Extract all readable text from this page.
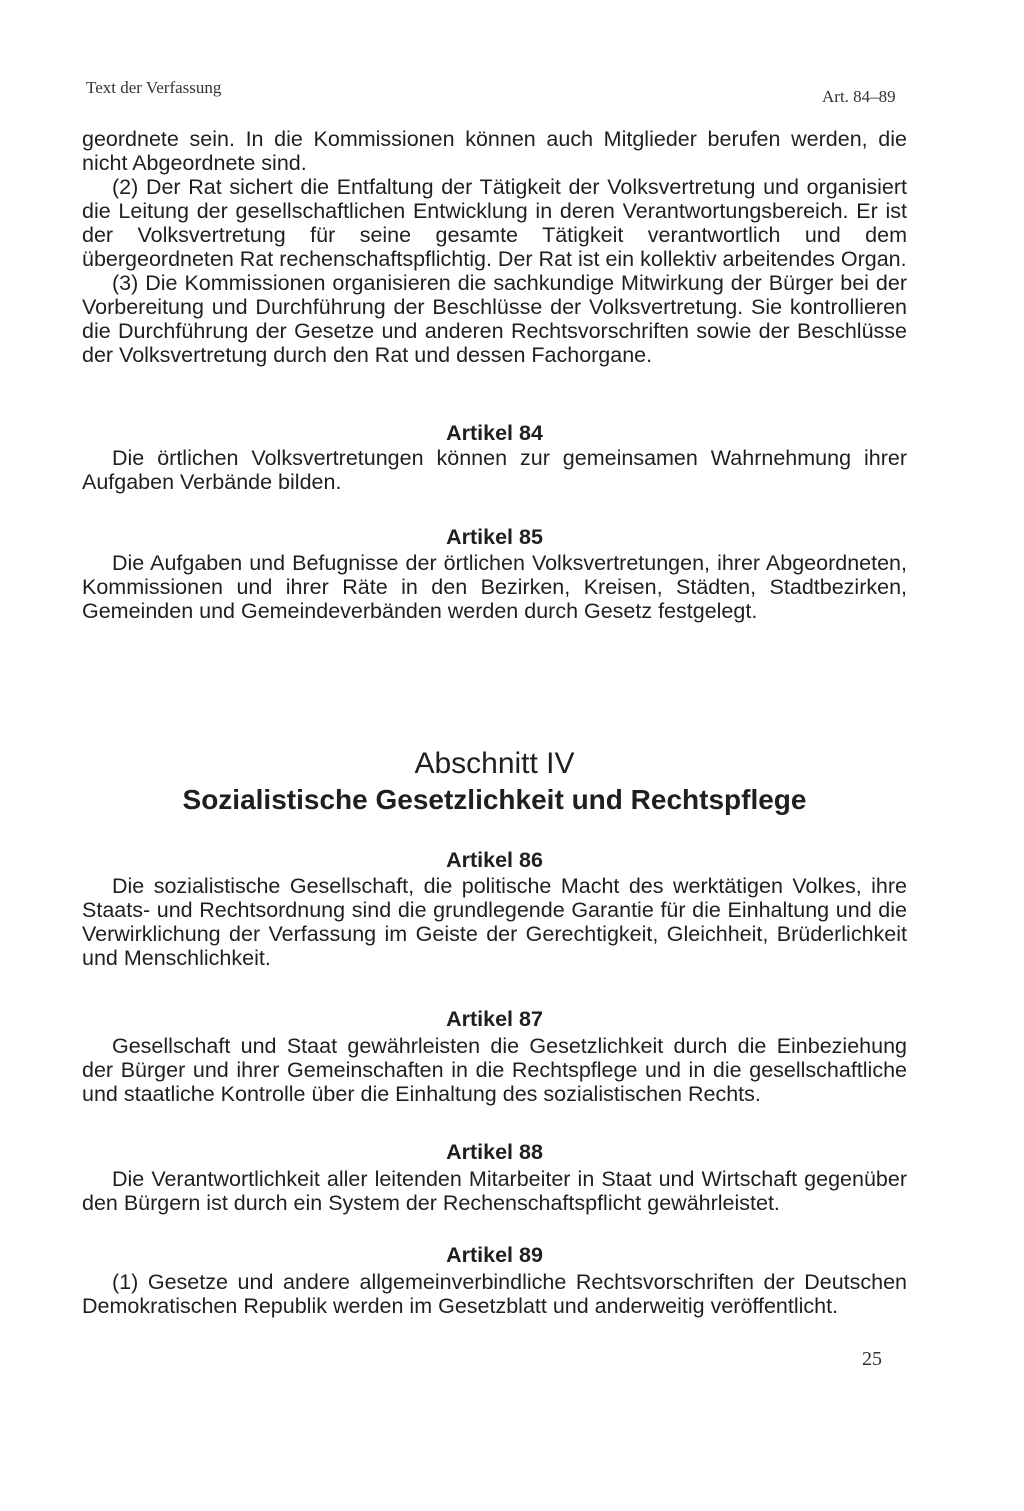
Text der Verfassung	Art. 84–89

geordnete sein. In die Kommissionen können auch Mitglieder berufen werden, die nicht Abgeordnete sind.

(2) Der Rat sichert die Entfaltung der Tätigkeit der Volksvertretung und organisiert die Leitung der gesellschaftlichen Entwicklung in deren Verantwortungsbereich. Er ist der Volksvertretung für seine gesamte Tätigkeit verantwortlich und dem übergeordneten Rat rechenschaftspflichtig. Der Rat ist ein kollektiv arbeitendes Organ.

(3) Die Kommissionen organisieren die sachkundige Mitwirkung der Bürger bei der Vorbereitung und Durchführung der Beschlüsse der Volksvertretung. Sie kontrollieren die Durchführung der Gesetze und anderen Rechtsvorschriften sowie der Beschlüsse der Volksvertretung durch den Rat und dessen Fachorgane.

Artikel 84
Die örtlichen Volksvertretungen können zur gemeinsamen Wahrnehmung ihrer Aufgaben Verbände bilden.
Artikel 85
Die Aufgaben und Befugnisse der örtlichen Volksvertretungen, ihrer Abgeordneten, Kommissionen und ihrer Räte in den Bezirken, Kreisen, Städten, Stadtbezirken, Gemeinden und Gemeindeverbänden werden durch Gesetz festgelegt.
Abschnitt IV
Sozialistische Gesetzlichkeit und Rechtspflege
Artikel 86
Die sozialistische Gesellschaft, die politische Macht des werktätigen Volkes, ihre Staats- und Rechtsordnung sind die grundlegende Garantie für die Einhaltung und die Verwirklichung der Verfassung im Geiste der Gerechtigkeit, Gleichheit, Brüderlichkeit und Menschlichkeit.
Artikel 87
Gesellschaft und Staat gewährleisten die Gesetzlichkeit durch die Einbeziehung der Bürger und ihrer Gemeinschaften in die Rechtspflege und in die gesellschaftliche und staatliche Kontrolle über die Einhaltung des sozialistischen Rechts.
Artikel 88
Die Verantwortlichkeit aller leitenden Mitarbeiter in Staat und Wirtschaft gegenüber den Bürgern ist durch ein System der Rechenschaftspflicht gewährleistet.
Artikel 89
(1) Gesetze und andere allgemeinverbindliche Rechtsvorschriften der Deutschen Demokratischen Republik werden im Gesetzblatt und anderweitig veröffentlicht.
25
